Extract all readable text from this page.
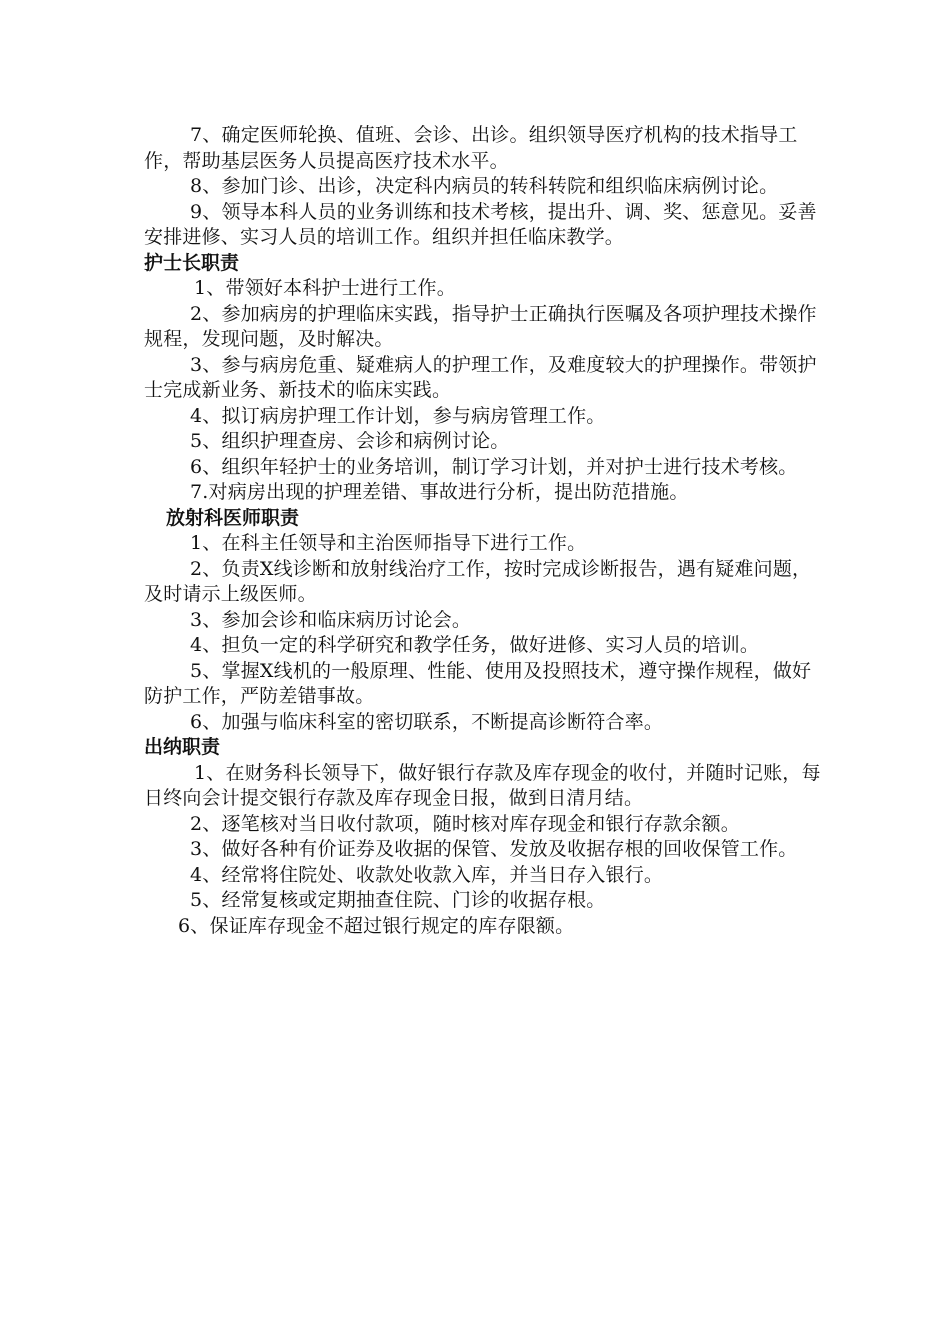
7、确定医师轮换、值班、会诊、出诊。组织领导医疗机构的技术指导工作，帮助基层医务人员提高医疗技术水平。

8、参加门诊、出诊，决定科内病员的转科转院和组织临床病例讨论。

9、领导本科人员的业务训练和技术考核，提出升、调、奖、惩意见。妥善安排进修、实习人员的培训工作。组织并担任临床教学。

护士长职责

1、带领好本科护士进行工作。

2、参加病房的护理临床实践，指导护士正确执行医嘱及各项护理技术操作规程，发现问题，及时解决。

3、参与病房危重、疑难病人的护理工作，及难度较大的护理操作。带领护士完成新业务、新技术的临床实践。

4、拟订病房护理工作计划，参与病房管理工作。

5、组织护理查房、会诊和病例讨论。

6、组织年轻护士的业务培训，制订学习计划，并对护士进行技术考核。

7.对病房出现的护理差错、事故进行分析，提出防范措施。

放射科医师职责

1、在科主任领导和主治医师指导下进行工作。

2、负责X线诊断和放射线治疗工作，按时完成诊断报告，遇有疑难问题，及时请示上级医师。

3、参加会诊和临床病历讨论会。

4、担负一定的科学研究和教学任务，做好进修、实习人员的培训。

5、掌握X线机的一般原理、性能、使用及投照技术，遵守操作规程，做好防护工作，严防差错事故。

6、加强与临床科室的密切联系，不断提高诊断符合率。

出纳职责

1、在财务科长领导下，做好银行存款及库存现金的收付，并随时记账，每日终向会计提交银行存款及库存现金日报，做到日清月结。

2、逐笔核对当日收付款项，随时核对库存现金和银行存款余额。

3、做好各种有价证券及收据的保管、发放及收据存根的回收保管工作。

4、经常将住院处、收款处收款入库，并当日存入银行。

5、经常复核或定期抽查住院、门诊的收据存根。

6、保证库存现金不超过银行规定的库存限额。
